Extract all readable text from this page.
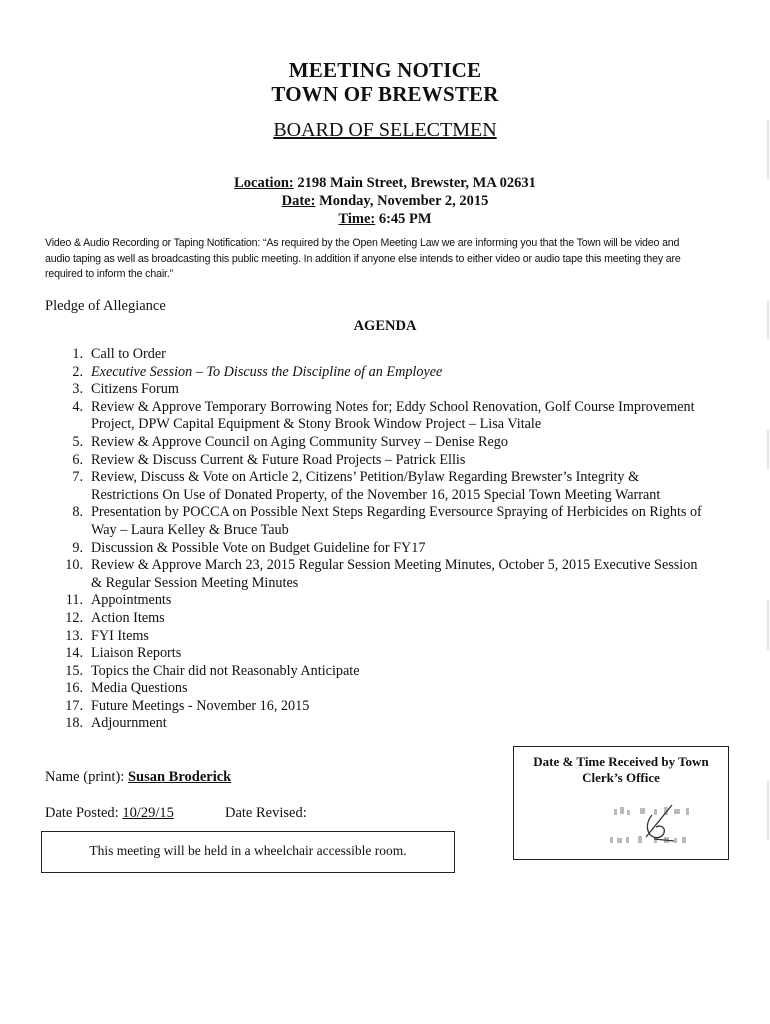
MEETING NOTICE
TOWN OF BREWSTER
BOARD OF SELECTMEN
Location: 2198 Main Street, Brewster, MA 02631
Date: Monday, November 2, 2015
Time: 6:45 PM
Video & Audio Recording or Taping Notification: “As required by the Open Meeting Law we are informing you that the Town will be video and audio taping as well as broadcasting this public meeting. In addition if anyone else intends to either video or audio tape this meeting they are required to inform the chair.”
Pledge of Allegiance
AGENDA
1. Call to Order
2. Executive Session – To Discuss the Discipline of an Employee
3. Citizens Forum
4. Review & Approve Temporary Borrowing Notes for; Eddy School Renovation, Golf Course Improvement Project, DPW Capital Equipment & Stony Brook Window Project – Lisa Vitale
5. Review & Approve Council on Aging Community Survey – Denise Rego
6. Review & Discuss Current & Future Road Projects – Patrick Ellis
7. Review, Discuss & Vote on Article 2, Citizens’ Petition/Bylaw Regarding Brewster’s Integrity & Restrictions On Use of Donated Property, of the November 16, 2015 Special Town Meeting Warrant
8. Presentation by POCCA on Possible Next Steps Regarding Eversource Spraying of Herbicides on Rights of Way – Laura Kelley & Bruce Taub
9. Discussion & Possible Vote on Budget Guideline for FY17
10. Review & Approve March 23, 2015 Regular Session Meeting Minutes, October 5, 2015 Executive Session & Regular Session Meeting Minutes
11. Appointments
12. Action Items
13. FYI Items
14. Liaison Reports
15. Topics the Chair did not Reasonably Anticipate
16. Media Questions
17. Future Meetings - November 16, 2015
18. Adjournment
Name (print): Susan Broderick
Date Posted: 10/29/15	Date Revised:
This meeting will be held in a wheelchair accessible room.
Date & Time Received by Town
Clerk’s Office
